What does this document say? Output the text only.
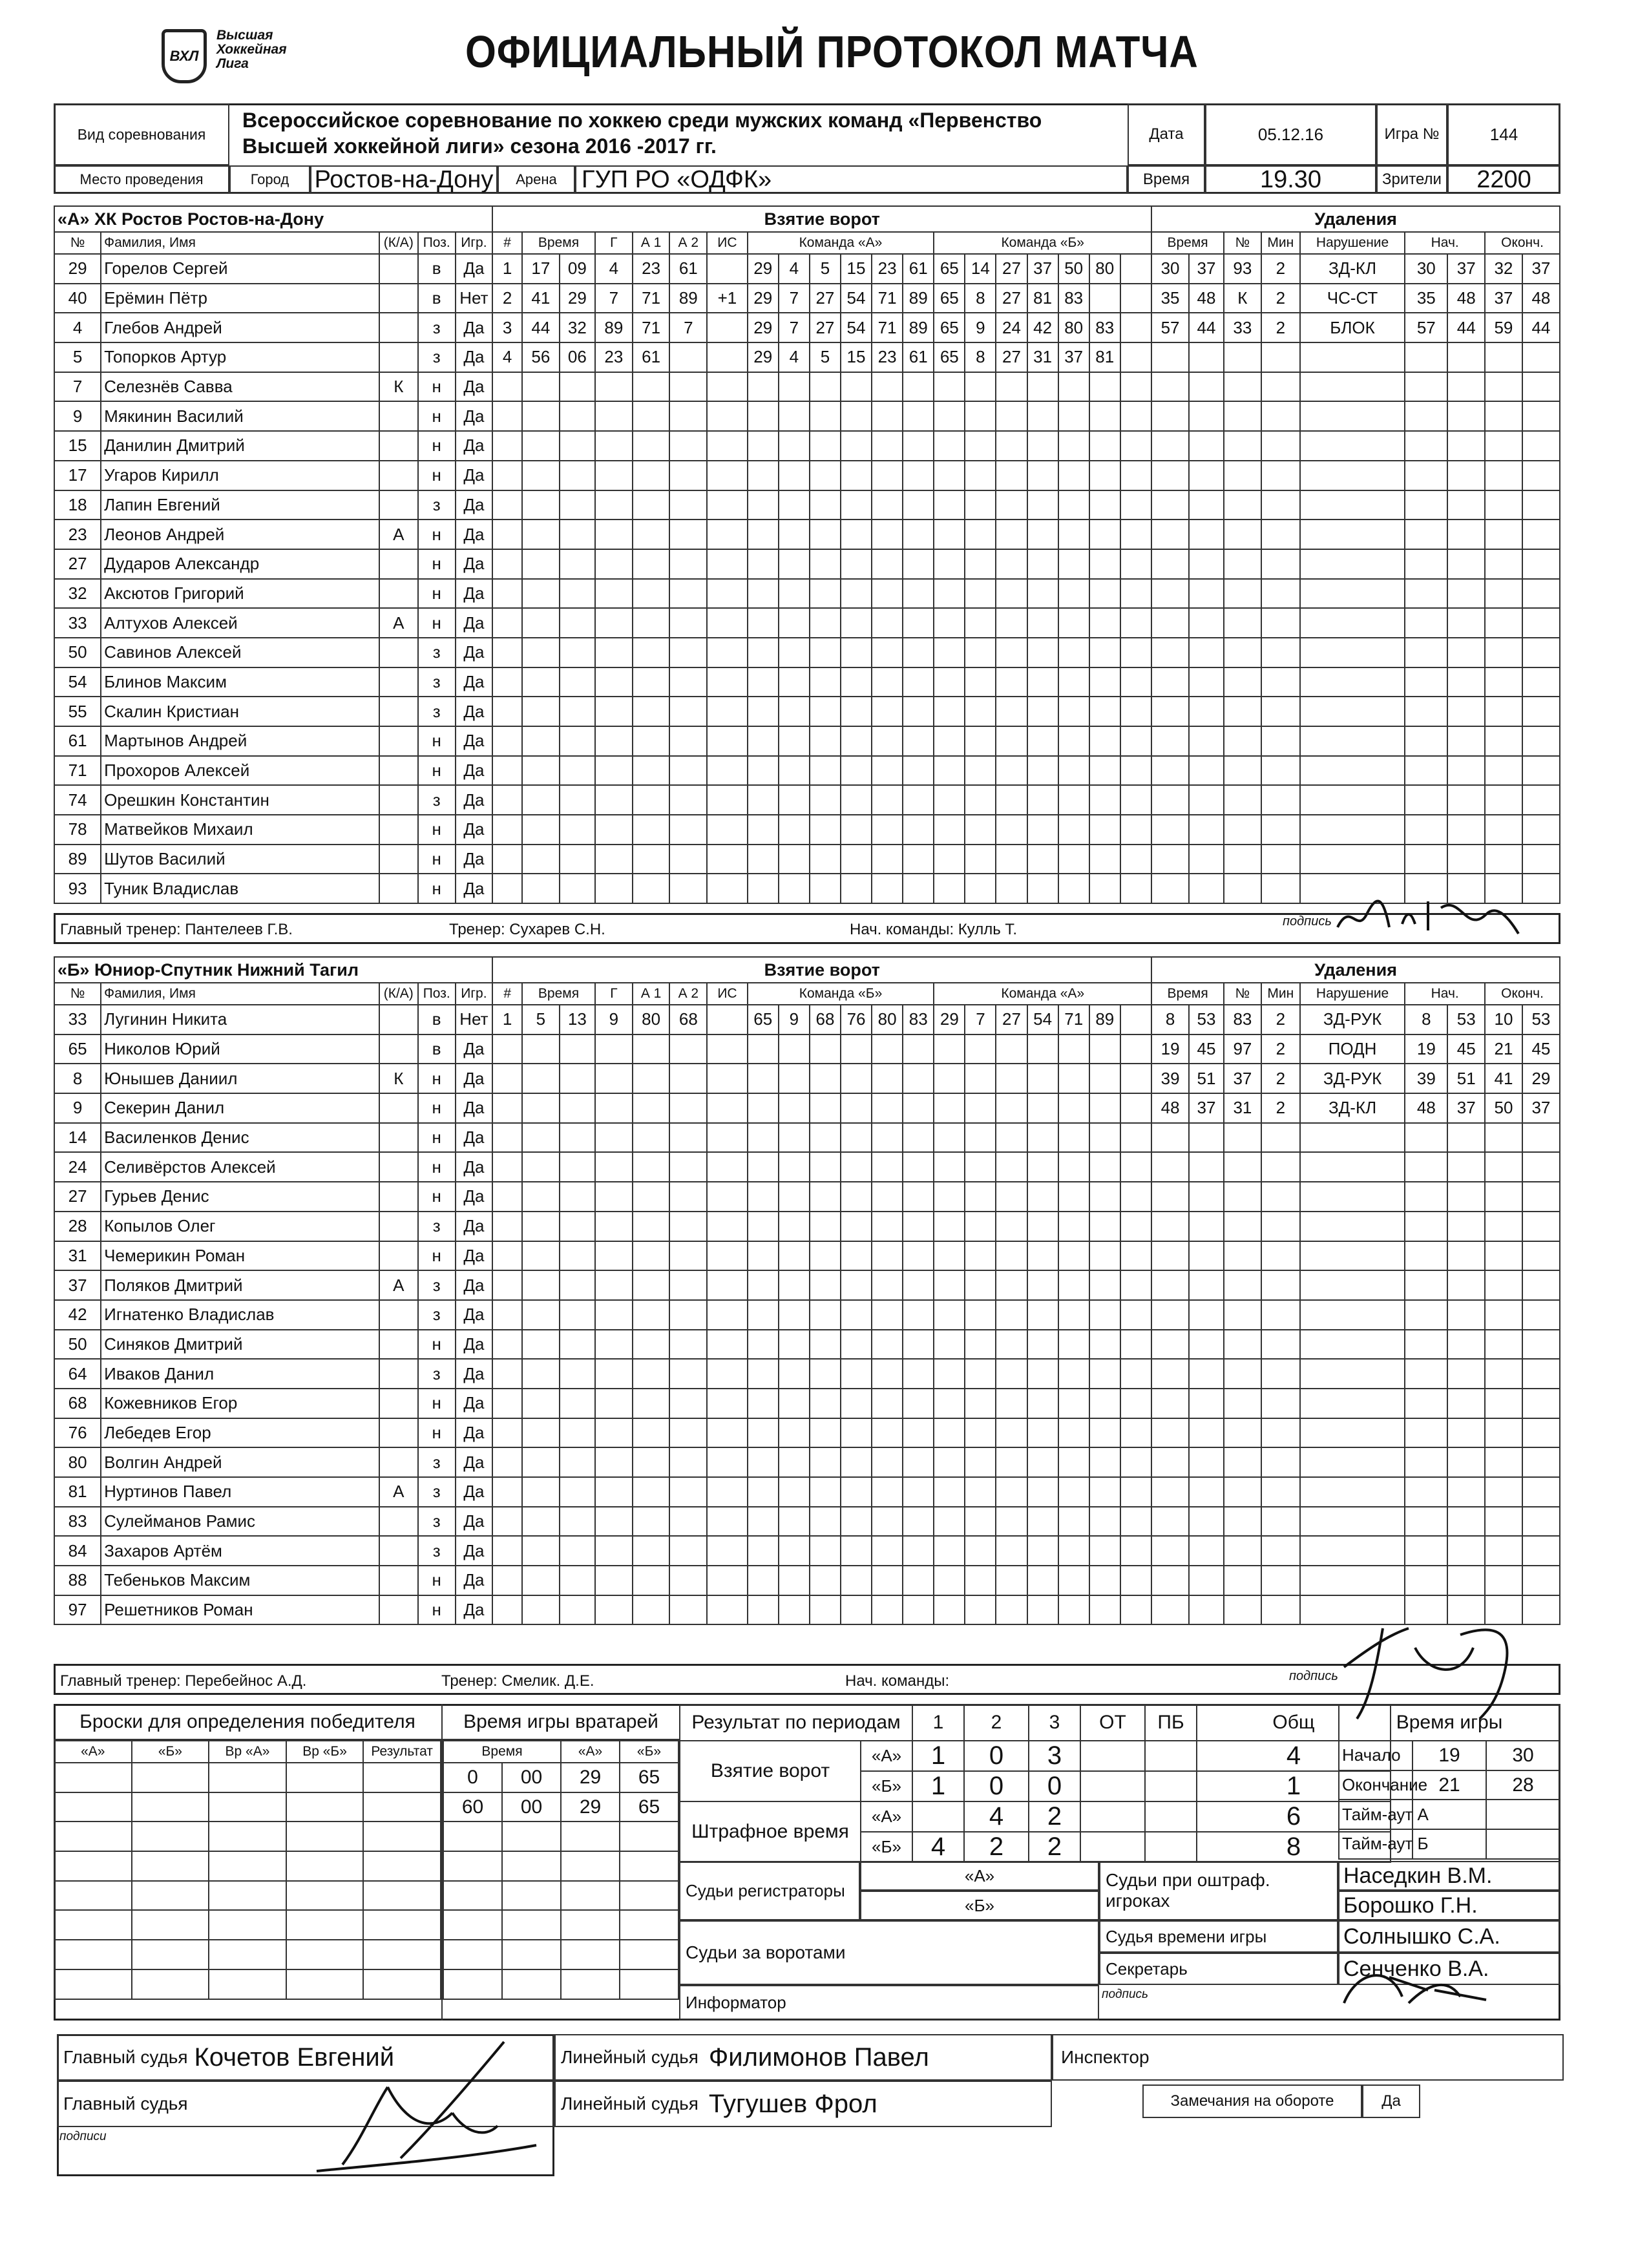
ВХЛ
Высшая
Хоккейная
Лига	ОФИЦИАЛЬНЫЙ ПРОТОКОЛ МАТЧА
Вид соревнования
Всероссийское соревнование по хоккею среди мужских команд «Первенство
Высшей хоккейной лиги» сезона 2016 -2017 гг.
Дата	05.12.16	Игра №	144
Место проведения	Город	Ростов-на-Дону	Арена	ГУП РО «ОДФК»	Время	19.30	Зрители	2200
«А» ХК Ростов Ростов-на-Дону					Взятие ворот																				Удаления								
№	Фамилия, Имя	(К/А)	Поз.	Игр.	#	Время		Г	А 1	А 2	ИС	Команда «А»						Команда «Б»							Время		№	Мин	Нарушение	Нач.		Оконч.	
29	Горелов Сергей		в	Да	1	17	09	4	23	61		29	4	5	15	23	61	65	14	27	37	50	80		30	37	93	2	ЗД-КЛ	30	37	32	37
40	Ерёмин Пётр		в	Нет	2	41	29	7	71	89	+1	29	7	27	54	71	89	65	8	27	81	83			35	48	К	2	ЧС-СТ	35	48	37	48
4	Глебов Андрей		з	Да	3	44	32	89	71	7		29	7	27	54	71	89	65	9	24	42	80	83		57	44	33	2	БЛОК	57	44	59	44
5	Топорков Артур		з	Да	4	56	06	23	61			29	4	5	15	23	61	65	8	27	31	37	81										
7	Селезнёв Савва	К	н	Да																													
9	Мякинин Василий		н	Да																													
15	Данилин Дмитрий		н	Да																													
17	Угаров Кирилл		н	Да																													
18	Лапин Евгений		з	Да																													
23	Леонов Андрей	А	н	Да																													
27	Дударов Александр		н	Да																													
32	Аксютов Григорий		н	Да																													
33	Алтухов Алексей	А	н	Да																													
50	Савинов Алексей		з	Да																													
54	Блинов Максим		з	Да																													
55	Скалин Кристиан		з	Да																													
61	Мартынов Андрей		н	Да																													
71	Прохоров Алексей		н	Да																													
74	Орешкин Константин		з	Да																													
78	Матвейков Михаил		н	Да																													
89	Шутов Василий		н	Да																													
93	Туник Владислав		н	Да																													
Главный тренер: Пантелеев Г.В.	Тренер: Сухарев С.Н.	Нач. команды: Кулль Т.	подпись
«Б» Юниор-Спутник Нижний Тагил					Взятие ворот																				Удаления								
№	Фамилия, Имя	(К/А)	Поз.	Игр.	#	Время		Г	А 1	А 2	ИС	Команда «Б»						Команда «А»							Время		№	Мин	Нарушение	Нач.		Оконч.	
33	Лугинин Никита		в	Нет	1	5	13	9	80	68		65	9	68	76	80	83	29	7	27	54	71	89		8	53	83	2	ЗД-РУК	8	53	10	53
65	Николов Юрий		в	Да																					19	45	97	2	ПОДН	19	45	21	45
8	Юнышев Даниил	К	н	Да																					39	51	37	2	ЗД-РУК	39	51	41	29
9	Секерин Данил		н	Да																					48	37	31	2	ЗД-КЛ	48	37	50	37
14	Василенков Денис		н	Да																													
24	Селивёрстов Алексей		н	Да																													
27	Гурьев Денис		н	Да																													
28	Копылов Олег		з	Да																													
31	Чемерикин Роман		н	Да																													
37	Поляков Дмитрий	А	з	Да																													
42	Игнатенко Владислав		з	Да																													
50	Синяков Дмитрий		н	Да																													
64	Иваков Данил		з	Да																													
68	Кожевников Егор		н	Да																													
76	Лебедев Егор		н	Да																													
80	Волгин Андрей		з	Да																													
81	Нуртинов Павел	А	з	Да																													
83	Сулейманов Рамис		з	Да																													
84	Захаров Артём		з	Да																													
88	Тебеньков Максим		н	Да																													
97	Решетников Роман		н	Да																													
Главный тренер: Перебейнос А.Д.	Тренер: Смелик. Д.Е.	Нач. команды:	подпись
Броски для определения победителя
«А»	«Б»	Вр «А»	Вр «Б»	Результат

Время игры вратарей
Время		«А»	«Б»
0	00	29	65
60	00	29	65

Результат по периодам		1	2	3	ОТ	ПБ	Общ
Взятие ворот	«А»	1	0	3			4
	«Б»	1	0	0			1
Штрафное время	«А»		4	2			6
	«Б»	4	2	2			8
Время игры		
Начало	19	30
Окончание	21	28
Тайм-аут А		
Тайм-аут Б		
Судьи регистраторы
«А»
«Б»
Судьи за воротами
Информатор
Судьи при оштраф. игроках
Наседкин В.М.
Борошко Г.Н.
Судья времени игры	Солнышко С.А.
Секретарь	Сенченко В.А.
подпись
Главный судья Кочетов Евгений
Главный судья
подписи
Линейный судья Филимонов Павел
Линейный судья Тугушев Фрол
Инспектор
Замечания на обороте	Да
